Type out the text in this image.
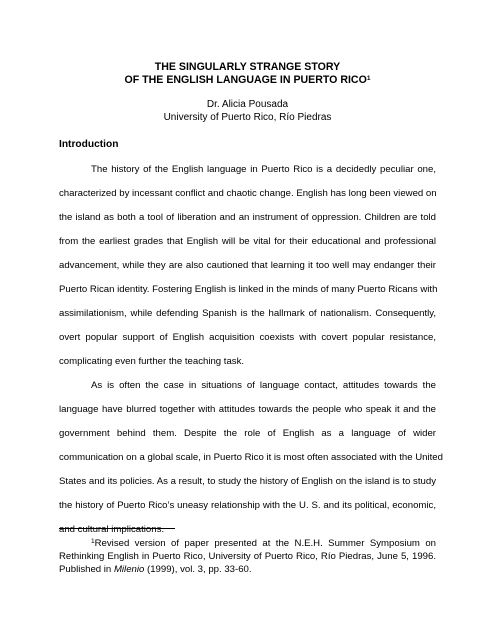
THE SINGULARLY STRANGE STORY
OF THE ENGLISH LANGUAGE IN PUERTO RICO$^1$
Dr. Alicia Pousada
University of Puerto Rico, Río Piedras
Introduction
The history of the English language in Puerto Rico is a decidedly peculiar one,
characterized by incessant conflict and chaotic change. English has long been viewed on
the island as both a tool of liberation and an instrument of oppression. Children are told
from the earliest grades that English will be vital for their educational and professional
advancement, while they are also cautioned that learning it too well may endanger their
Puerto Rican identity. Fostering English is linked in the minds of many Puerto Ricans with
assimilationism, while defending Spanish is the hallmark of nationalism. Consequently,
overt popular support of English acquisition coexists with covert popular resistance,
complicating even further the teaching task.
As is often the case in situations of language contact, attitudes towards the
language have blurred together with attitudes towards the people who speak it and the
government behind them. Despite the role of English as a language of wider
communication on a global scale, in Puerto Rico it is most often associated with the United
States and its policies. As a result, to study the history of English on the island is to study
the history of Puerto Rico’s uneasy relationship with the U. S. and its political, economic,
and cultural implications.
$^1$Revised version of paper presented at the N.E.H. Summer Symposium on
Rethinking English in Puerto Rico, University of Puerto Rico, Río Piedras, June 5, 1996.
Published in Milenio (1999), vol. 3, pp. 33-60.
